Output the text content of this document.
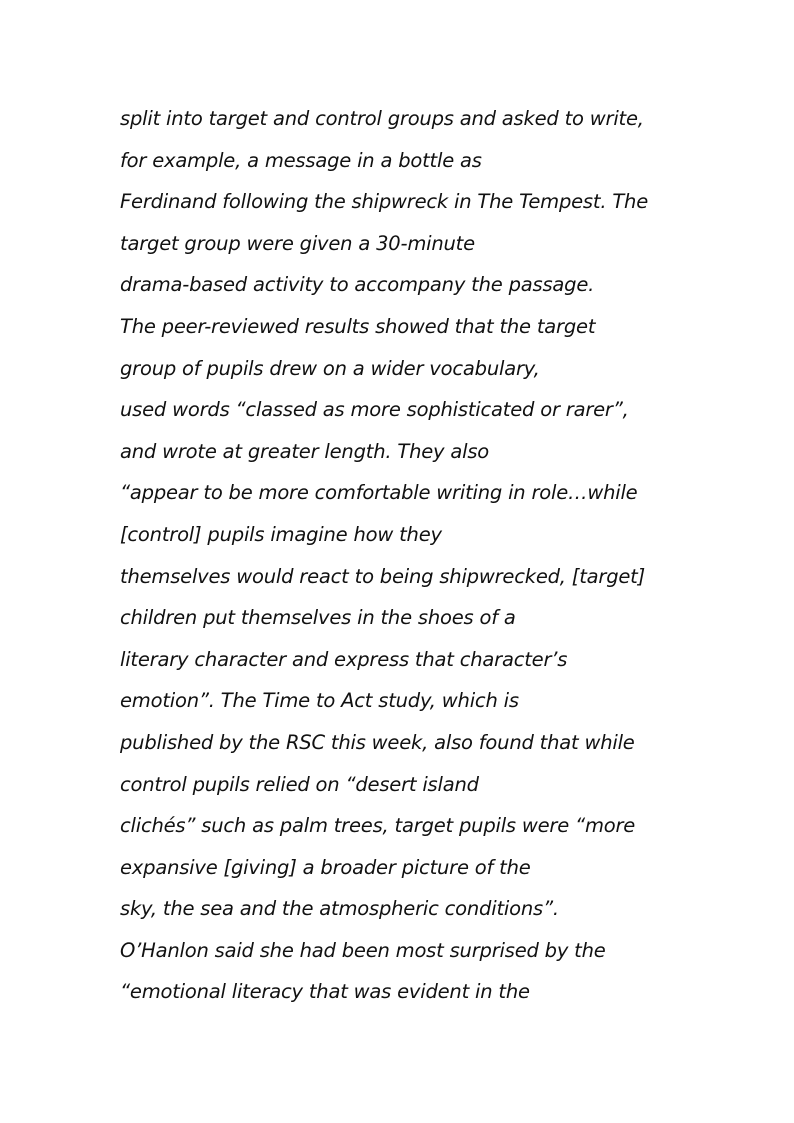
split into target and control groups and asked to write,
for example, a message in a bottle as
Ferdinand following the shipwreck in The Tempest. The
target group were given a 30-minute
drama-based activity to accompany the passage.
The peer-reviewed results showed that the target
group of pupils drew on a wider vocabulary,
used words “classed as more sophisticated or rarer”,
and wrote at greater length. They also
“appear to be more comfortable writing in role…while
[control] pupils imagine how they
themselves would react to being shipwrecked, [target]
children put themselves in the shoes of a
literary character and express that character’s
emotion”. The Time to Act study, which is
published by the RSC this week, also found that while
control pupils relied on “desert island
clichés” such as palm trees, target pupils were “more
expansive [giving] a broader picture of the
sky, the sea and the atmospheric conditions”.
O’Hanlon said she had been most surprised by the
“emotional literacy that was evident in the
